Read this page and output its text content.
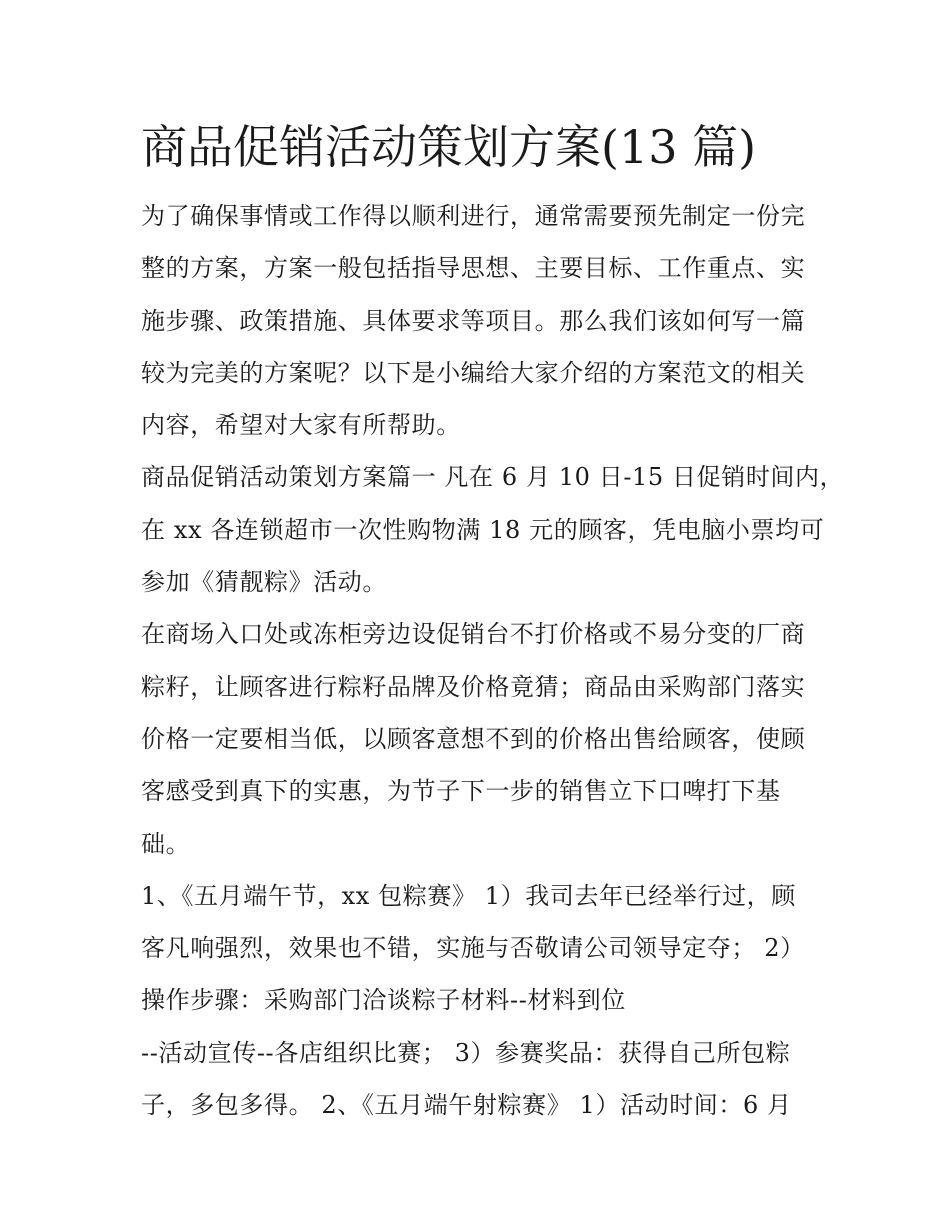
商品促销活动策划方案(13 篇)
为了确保事情或工作得以顺利进行，通常需要预先制定一份完
整的方案，方案一般包括指导思想、主要目标、工作重点、实
施步骤、政策措施、具体要求等项目。那么我们该如何写一篇
较为完美的方案呢？以下是小编给大家介绍的方案范文的相关
内容，希望对大家有所帮助。
商品促销活动策划方案篇一 凡在 6 月 10 日-15 日促销时间内，
在 xx 各连锁超市一次性购物满 18 元的顾客，凭电脑小票均可
参加《猜靓粽》活动。
在商场入口处或冻柜旁边设促销台不打价格或不易分变的厂商
粽籽，让顾客进行粽籽品牌及价格竟猜；商品由采购部门落实
价格一定要相当低，以顾客意想不到的价格出售给顾客，使顾
客感受到真下的实惠，为节子下一步的销售立下口啤打下基
础。
1、《五月端午节，xx 包粽赛》 1）我司去年已经举行过，顾
客凡响强烈，效果也不错，实施与否敬请公司领导定夺； 2）
操作步骤：采购部门洽谈粽子材料--材料到位
--活动宣传--各店组织比赛； 3）参赛奖品：获得自己所包粽
子，多包多得。 2、《五月端午射粽赛》 1）活动时间：6 月
